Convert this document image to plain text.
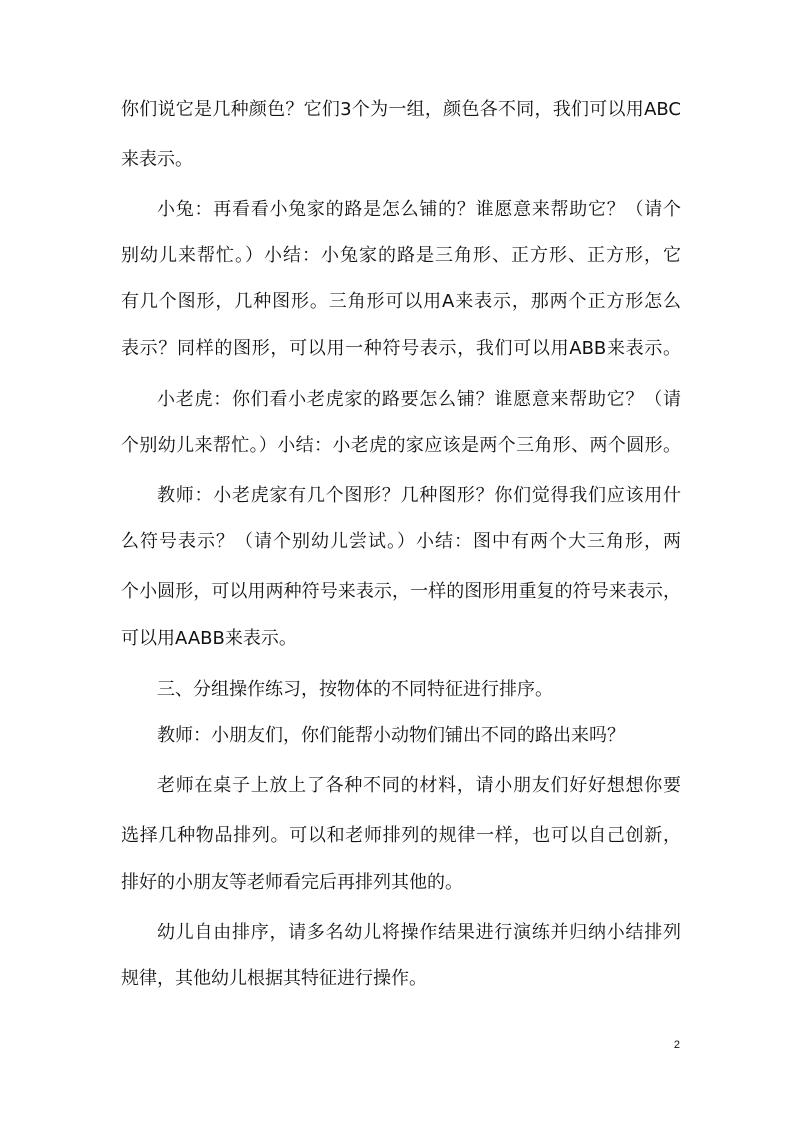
你们说它是几种颜色？它们3个为一组，颜色各不同，我们可以用ABC
来表示。
小兔：再看看小兔家的路是怎么铺的？谁愿意来帮助它？（请个
别幼儿来帮忙。）小结：小兔家的路是三角形、正方形、正方形，它
有几个图形，几种图形。三角形可以用A来表示，那两个正方形怎么
表示？同样的图形，可以用一种符号表示，我们可以用ABB来表示。
小老虎：你们看小老虎家的路要怎么铺？谁愿意来帮助它？（请
个别幼儿来帮忙。）小结：小老虎的家应该是两个三角形、两个圆形。
教师：小老虎家有几个图形？几种图形？你们觉得我们应该用什
么符号表示？（请个别幼儿尝试。）小结：图中有两个大三角形，两
个小圆形，可以用两种符号来表示，一样的图形用重复的符号来表示，
可以用AABB来表示。
三、分组操作练习，按物体的不同特征进行排序。
教师：小朋友们，你们能帮小动物们铺出不同的路出来吗？
老师在桌子上放上了各种不同的材料，请小朋友们好好想想你要
选择几种物品排列。可以和老师排列的规律一样，也可以自己创新，
排好的小朋友等老师看完后再排列其他的。
幼儿自由排序，请多名幼儿将操作结果进行演练并归纳小结排列
规律，其他幼儿根据其特征进行操作。
2
